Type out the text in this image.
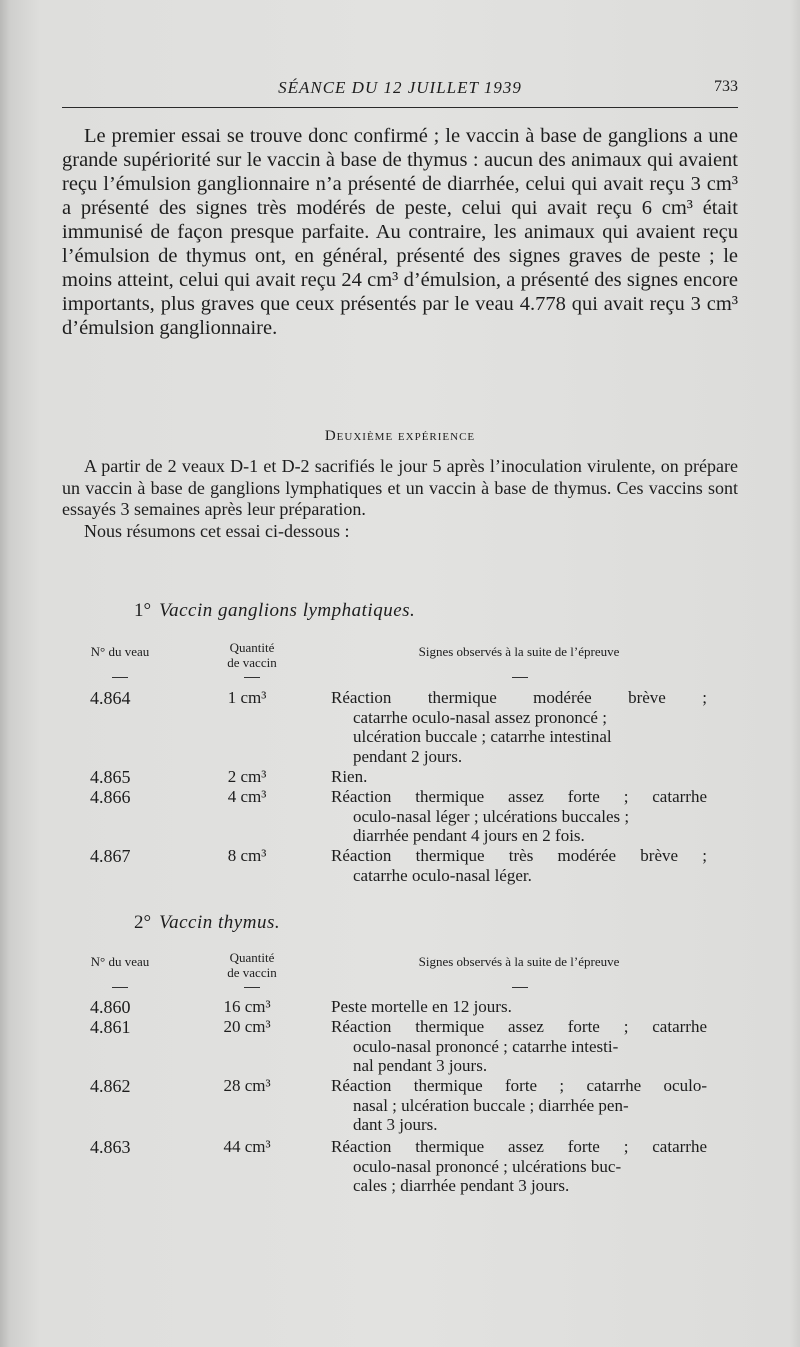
SÉANCE DU 12 JUILLET 1939	733

Le premier essai se trouve donc confirmé ; le vaccin à base de ganglions a une grande supériorité sur le vaccin à base de thymus : aucun des animaux qui avaient reçu l’émulsion ganglionnaire n’a présenté de diarrhée, celui qui avait reçu 3 cm³ a présenté des signes très modérés de peste, celui qui avait reçu 6 cm³ était immunisé de façon presque parfaite. Au contraire, les animaux qui avaient reçu l’émulsion de thymus ont, en général, présenté des signes graves de peste ; le moins atteint, celui qui avait reçu 24 cm³ d’émulsion, a présenté des signes encore importants, plus graves que ceux présentés par le veau 4.778 qui avait reçu 3 cm³ d’émulsion ganglionnaire.

Deuxième expérience

A partir de 2 veaux D-1 et D-2 sacrifiés le jour 5 après l’inoculation virulente, on prépare un vaccin à base de ganglions lymphatiques et un vaccin à base de thymus. Ces vaccins sont essayés 3 semaines après leur préparation.

Nous résumons cet essai ci-dessous :

1° Vaccin ganglions lymphatiques.
N° du veau	Quantité
de vaccin
Signes observés à la suite de l’épreuve
4.864	1 cm³	Réaction thermique modérée brève ;
catarrhe oculo-nasal assez prononcé ;
ulcération buccale ; catarrhe intestinal
pendant 2 jours.
4.865	2 cm³	Rien.
4.866	4 cm³	Réaction thermique assez forte ; catarrhe
oculo-nasal léger ; ulcérations buccales ;
diarrhée pendant 4 jours en 2 fois.
4.867	8 cm³	Réaction thermique très modérée brève ;
catarrhe oculo-nasal léger.
2° Vaccin thymus.
N° du veau	Quantité
de vaccin
Signes observés à la suite de l’épreuve
4.860	16 cm³	Peste mortelle en 12 jours.
4.861	20 cm³	Réaction thermique assez forte ; catarrhe
oculo-nasal prononcé ; catarrhe intesti-
nal pendant 3 jours.
4.862	28 cm³	Réaction thermique forte ; catarrhe oculo-
nasal ; ulcération buccale ; diarrhée pen-
dant 3 jours.
4.863	44 cm³	Réaction thermique assez forte ; catarrhe
oculo-nasal prononcé ; ulcérations buc-
cales ; diarrhée pendant 3 jours.
